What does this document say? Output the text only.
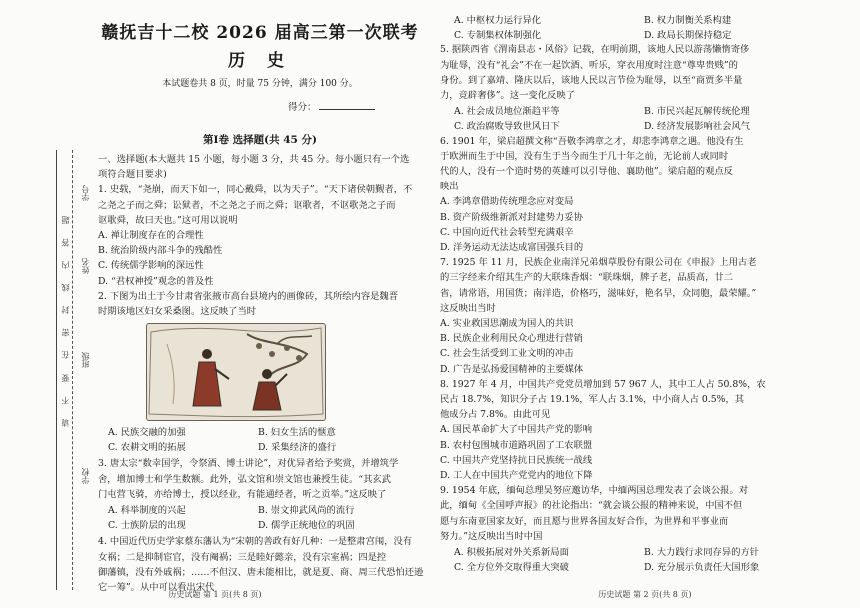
学号
姓名
班级
学校
请 不 要 在 密 封 线 内 答 题
赣抚吉十二校 2026 届高三第一次联考
历 史
本试题卷共 8 页，时量 75 分钟，满分 100 分。
得分：
第Ⅰ卷 选择题(共 45 分)
一、选择题(本大题共 15 小题，每小题 3 分，共 45 分。每小题只有一个选
项符合题目要求)
1. 史载，“尧崩，而天下如一，同心戴舜，以为天子”。“天下诸侯朝觐者，不
之尧之子而之舜；讼狱者，不之尧之子而之舜；讴歌者，不讴歌尧之子而
讴歌舜，故曰天也。”这可用以说明
A. 禅让制度存在的合理性
B. 统治阶级内部斗争的残酷性
C. 传统儒学影响的深远性
D. “君权神授”观念的普及性
2. 下图为出土于今甘肃省张掖市高台县境内的画像砖，其所绘内容是魏晋
时期该地区妇女采桑图。这反映了当时
A. 民族交融的加强	B. 妇女生活的惬意
C. 农耕文明的拓展	D. 采集经济的盛行
3. 唐太宗“数幸国学，令祭酒、博士讲论”，对优异者给予奖赏，并增筑学
舍，增加博士和学生数额。此外，弘文馆和崇文馆也兼授生徒。“其玄武
门屯营飞骑，亦给博士，授以经业，有能通经者，听之贡举。”这反映了
A. 科举制度的兴起	B. 崇文抑武风尚的流行
C. 士族阶层的出现	D. 儒学正统地位的巩固
4. 中国近代历史学家蔡东藩认为“宋朝的善政有好几种：一是整肃宫闱，没有
女祸；二是抑制宦官，没有阉祸；三是睦好懿亲，没有宗室祸；四是控
御藩镇，没有外戚祸；……不但汉、唐未能相比，就是夏、商、周三代恐怕还逊
它一筹”。从中可以看出宋代
历史试题 第 1 页(共 8 页)
A. 中枢权力运行异化	B. 权力制衡关系构建
C. 专制集权体制强化	D. 政局长期保持稳定
5. 据陕西省《渭南县志・风俗》记载，在明前期，该地人民以游荡懒惰寄侈
为耻辱，没有“礼会”不在一起饮酒、听乐，穿衣用度时注意“尊卑贵贱”的
身份。到了嘉靖、隆庆以后，该地人民以言节俭为耻辱，以至“商贾多半量
力，竞辟奢侈”。这一变化反映了
A. 社会成员地位渐趋平等	B. 市民兴起瓦解传统伦理
C. 政治腐败导致世风日下	D. 经济发展影响社会风气
6. 1901 年，梁启超撰文称“吾敬李鸿章之才，却悲李鸿章之遇。他没有生
于欧洲而生于中国，没有生于当今而生于几十年之前，无论前人或同时
代的人，没有一个造时势的英雄可以引导他、襄助他”。梁启超的观点反
映出
A. 李鸿章借助传统理念应对变局
B. 资产阶级维新派对封建势力妥协
C. 中国向近代社会转型充满艰辛
D. 洋务运动无法达成富国强兵目的
7. 1925 年 11 月，民族企业南洋兄弟烟草股份有限公司在《申报》上用古老
的三字经来介绍其生产的大联珠香烟：“联珠烟，牌子老，品质高，廿二
省，请常语，用国货；南洋造，价格巧，滋味好，艳名早，众同胞，最荣耀。”
这反映出当时
A. 实业救国思潮成为国人的共识
B. 民族企业利用民众心理进行营销
C. 社会生活受到工业文明的冲击
D. 广告是弘扬爱国精神的主要媒体
8. 1927 年 4 月，中国共产党党员增加到 57 967 人，其中工人占 50.8%，农
民占 18.7%，知识分子占 19.1%，军人占 3.1%，中小商人占 0.5%，其
他成分占 7.8%。由此可见
A. 国民革命扩大了中国共产党的影响
B. 农村包围城市道路巩固了工农联盟
C. 中国共产党坚持抗日民族统一战线
D. 工人在中国共产党党内的地位下降
9. 1954 年底，缅甸总理吴努应邀访华，中缅两国总理发表了会谈公报。对
此，缅甸《全国呼声报》的社论指出：“就会谈公报的精神来说，中国不但
愿与东南亚国家友好，而且愿与世界各国友好合作，为世界和平事业而
努力。”这反映出当时中国
A. 积极拓展对外关系新局面	B. 大力践行求同存异的方针
C. 全方位外交取得重大突破	D. 充分展示负责任大国形象
历史试题 第 2 页(共 8 页)
